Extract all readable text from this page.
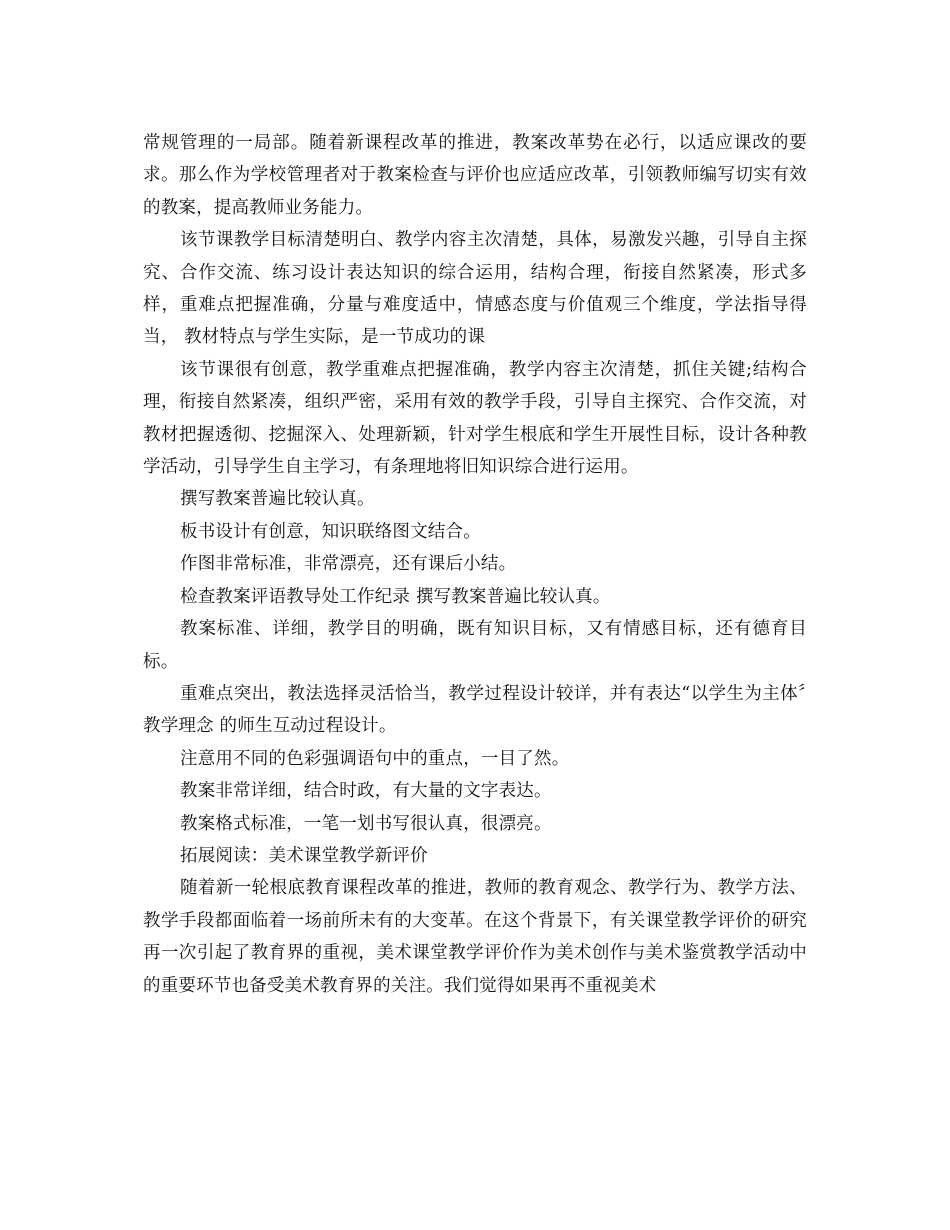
常规管理的一局部。随着新课程改革的推进，教案改革势在必行，以适应课改的要求。那么作为学校管理者对于教案检查与评价也应适应改革，引领教师编写切实有效的教案，提高教师业务能力。

该节课教学目标清楚明白、教学内容主次清楚，具体，易激发兴趣，引导自主探究、合作交流、练习设计表达知识的综合运用，结构合理，衔接自然紧凑，形式多样，重难点把握准确，分量与难度适中，情感态度与价值观三个维度，学法指导得当， 教材特点与学生实际，是一节成功的课

该节课很有创意，教学重难点把握准确，教学内容主次清楚，抓住关键;结构合理，衔接自然紧凑，组织严密，采用有效的教学手段，引导自主探究、合作交流，对教材把握透彻、挖掘深入、处理新颖，针对学生根底和学生开展性目标，设计各种教学活动，引导学生自主学习，有条理地将旧知识综合进行运用。

撰写教案普遍比较认真。

板书设计有创意，知识联络图文结合。

作图非常标准，非常漂亮，还有课后小结。

检查教案评语教导处工作纪录 撰写教案普遍比较认真。

教案标准、详细，教学目的明确，既有知识目标，又有情感目标，还有德育目标。

重难点突出，教法选择灵活恰当，教学过程设计较详，并有表达“以学生为主体〞教学理念 的师生互动过程设计。

注意用不同的色彩强调语句中的重点，一目了然。

教案非常详细，结合时政，有大量的文字表达。

教案格式标准，一笔一划书写很认真，很漂亮。

拓展阅读：美术课堂教学新评价

随着新一轮根底教育课程改革的推进，教师的教育观念、教学行为、教学方法、教学手段都面临着一场前所未有的大变革。在这个背景下，有关课堂教学评价的研究再一次引起了教育界的重视，美术课堂教学评价作为美术创作与美术鉴赏教学活动中的重要环节也备受美术教育界的关注。我们觉得如果再不重视美术
